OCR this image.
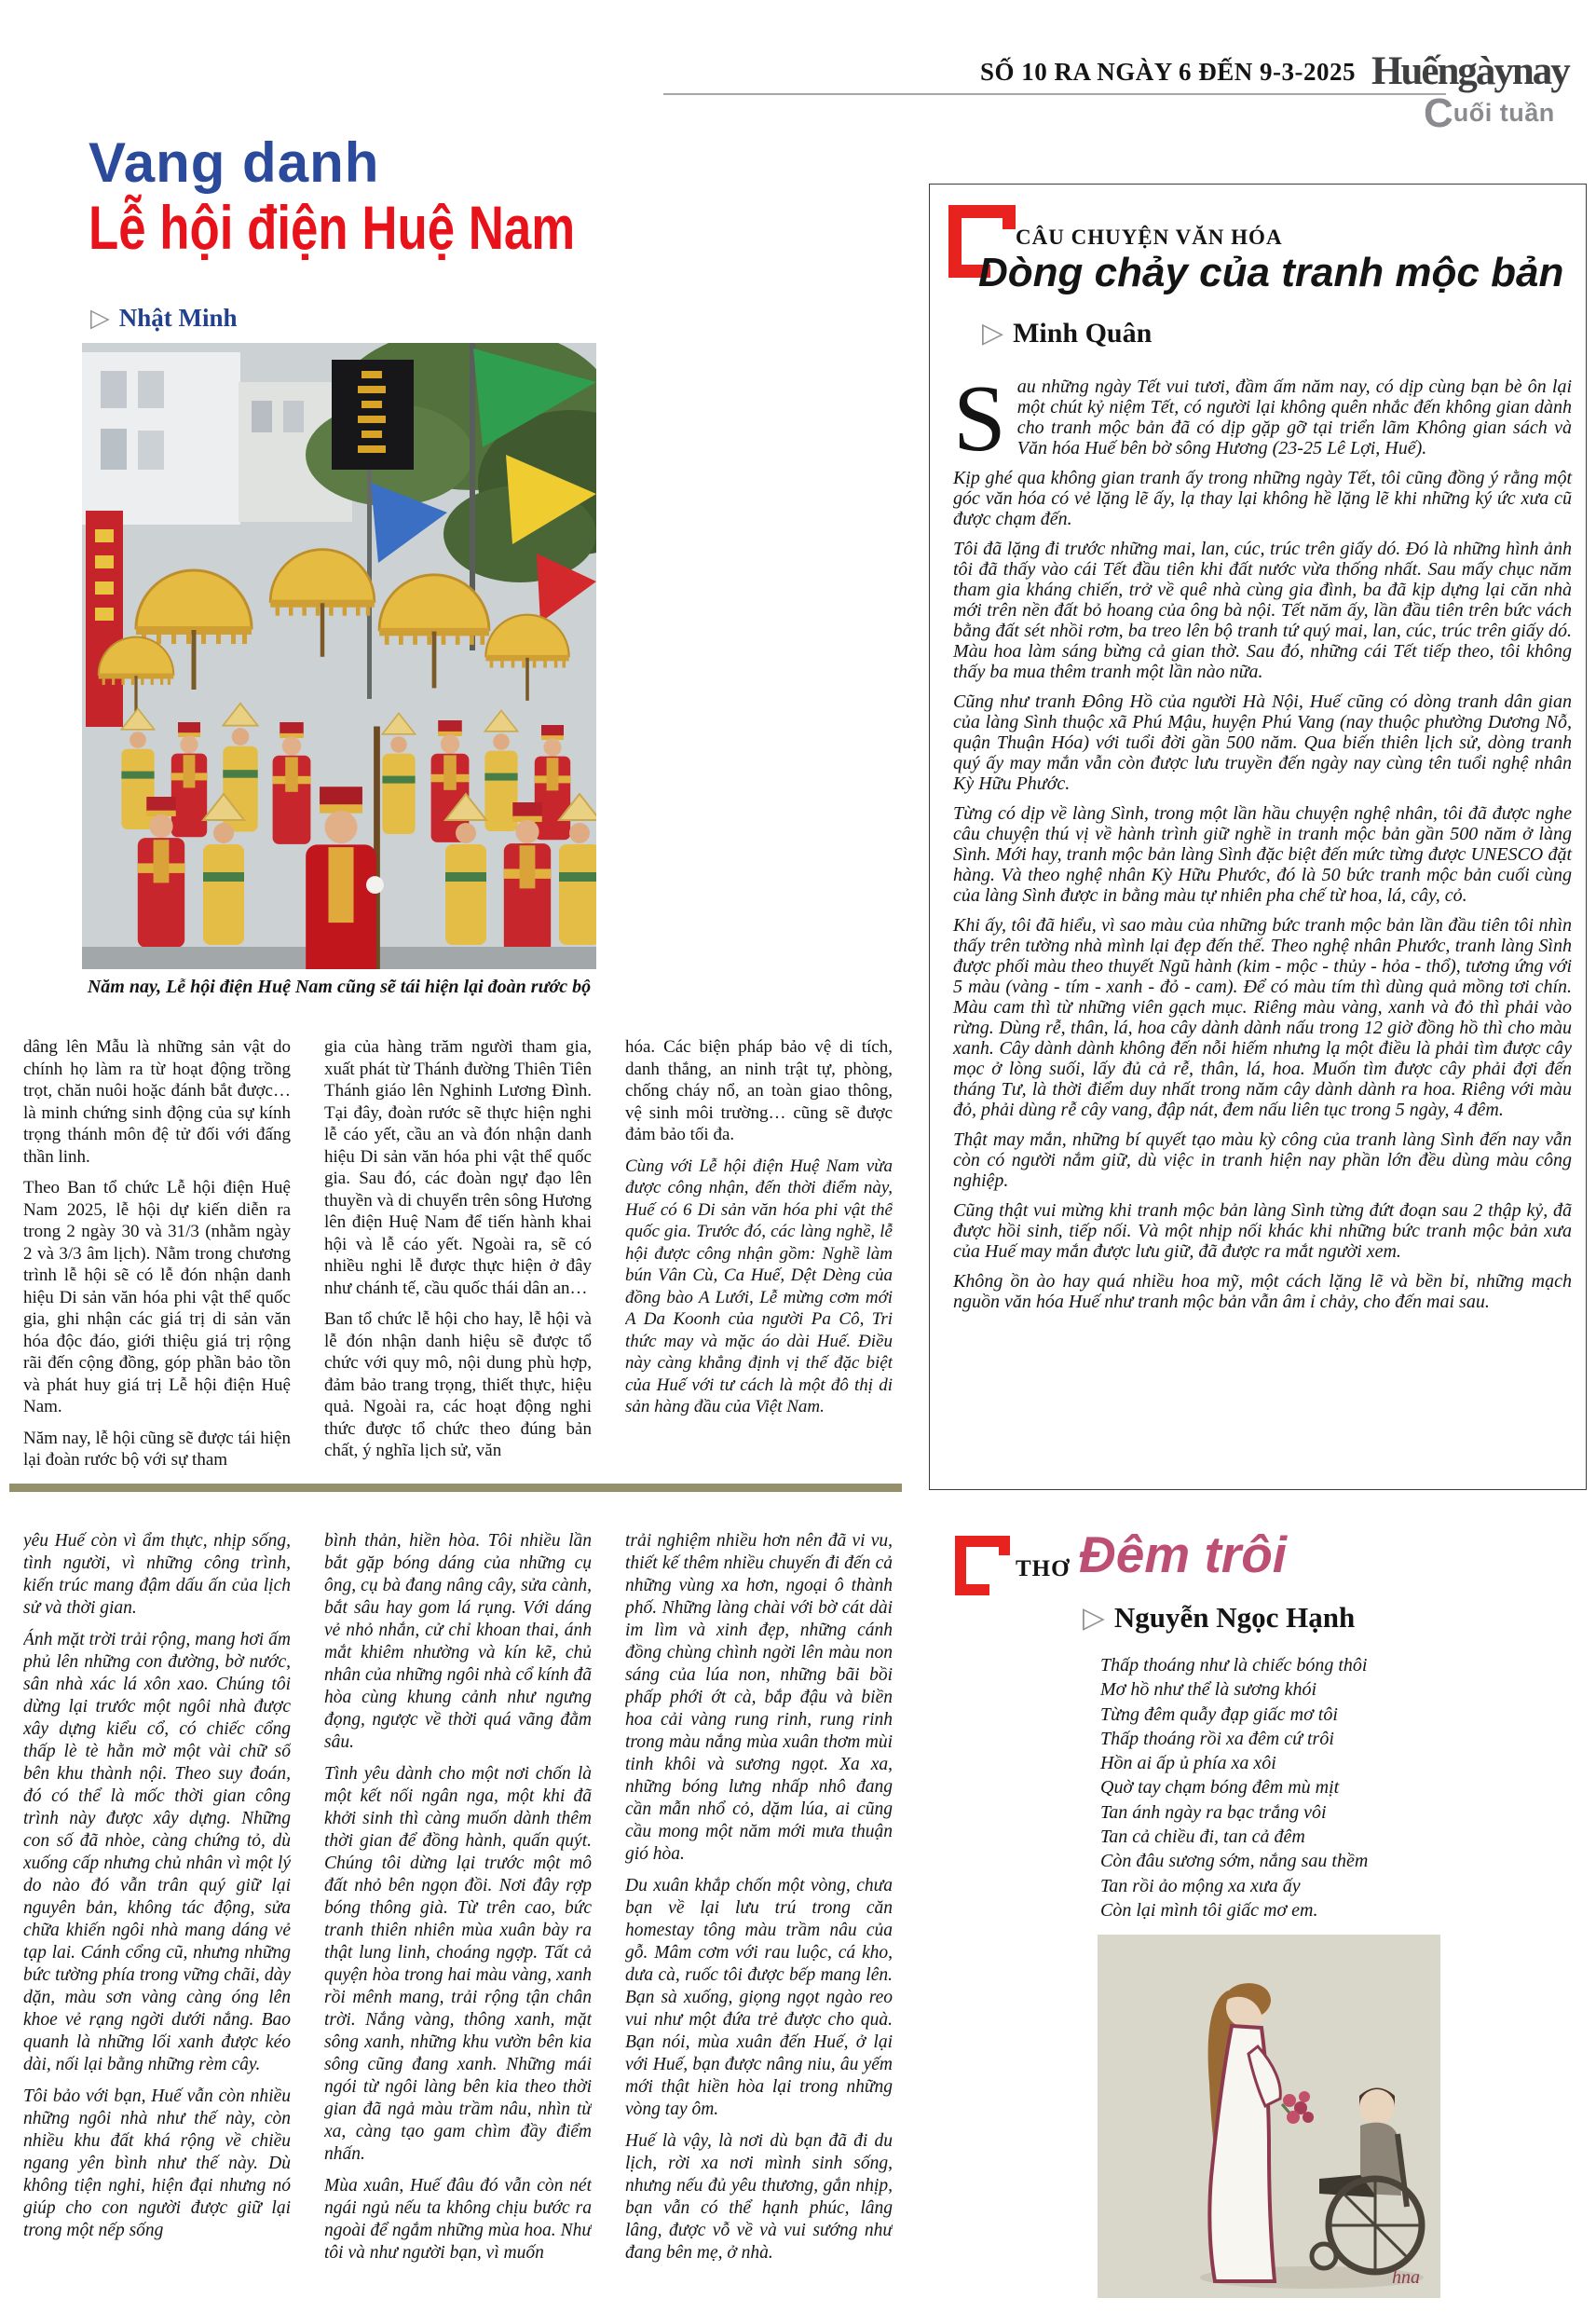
SỐ 10 RA NGÀY 6 ĐẾN 9-3-2025 Huếngàynay
Cuối tuần
Vang danh
Lễ hội điện Huệ Nam
▷ Nhật Minh
Năm nay, Lễ hội điện Huệ Nam cũng sẽ tái hiện lại đoàn rước bộ

dâng lên Mẫu là những sản vật do chính họ làm ra từ hoạt động trồng trọt, chăn nuôi hoặc đánh bắt được… là minh chứng sinh động của sự kính trọng thánh môn đệ tử đối với đấng thần linh.

Theo Ban tổ chức Lễ hội điện Huệ Nam 2025, lễ hội dự kiến diễn ra trong 2 ngày 30 và 31/3 (nhằm ngày 2 và 3/3 âm lịch). Nằm trong chương trình lễ hội sẽ có lễ đón nhận danh hiệu Di sản văn hóa phi vật thể quốc gia, ghi nhận các giá trị di sản văn hóa độc đáo, giới thiệu giá trị rộng rãi đến cộng đồng, góp phần bảo tồn và phát huy giá trị Lễ hội điện Huệ Nam.

Năm nay, lễ hội cũng sẽ được tái hiện lại đoàn rước bộ với sự tham

gia của hàng trăm người tham gia, xuất phát từ Thánh đường Thiên Tiên Thánh giáo lên Nghinh Lương Đình. Tại đây, đoàn rước sẽ thực hiện nghi lễ cáo yết, cầu an và đón nhận danh hiệu Di sản văn hóa phi vật thể quốc gia. Sau đó, các đoàn ngự đạo lên thuyền và di chuyển trên sông Hương lên điện Huệ Nam để tiến hành khai hội và lễ cáo yết. Ngoài ra, sẽ có nhiều nghi lễ được thực hiện ở đây như chánh tế, cầu quốc thái dân an…

Ban tổ chức lễ hội cho hay, lễ hội và lễ đón nhận danh hiệu sẽ được tổ chức với quy mô, nội dung phù hợp, đảm bảo trang trọng, thiết thực, hiệu quả. Ngoài ra, các hoạt động nghi thức được tổ chức theo đúng bản chất, ý nghĩa lịch sử, văn

hóa. Các biện pháp bảo vệ di tích, danh thắng, an ninh trật tự, phòng, chống cháy nổ, an toàn giao thông, vệ sinh môi trường… cũng sẽ được đảm bảo tối đa.

Cùng với Lễ hội điện Huệ Nam vừa được công nhận, đến thời điểm này, Huế có 6 Di sản văn hóa phi vật thể quốc gia. Trước đó, các làng nghề, lễ hội được công nhận gồm: Nghề làm bún Vân Cù, Ca Huế, Dệt Dèng của đồng bào A Lưới, Lễ mừng cơm mới A Da Koonh của người Pa Cô, Tri thức may và mặc áo dài Huế. Điều này càng khẳng định vị thế đặc biệt của Huế với tư cách là một đô thị di sản hàng đầu của Việt Nam.

CÂU CHUYỆN VĂN HÓA
Dòng chảy của tranh mộc bản
▷ Minh Quân

Sau những ngày Tết vui tươi, đầm ấm năm nay, có dịp cùng bạn bè ôn lại một chút kỷ niệm Tết, có người lại không quên nhắc đến không gian dành cho tranh mộc bản đã có dịp gặp gỡ tại triển lãm Không gian sách và Văn hóa Huế bên bờ sông Hương (23-25 Lê Lợi, Huế).

Kịp ghé qua không gian tranh ấy trong những ngày Tết, tôi cũng đồng ý rằng một góc văn hóa có vẻ lặng lẽ ấy, lạ thay lại không hề lặng lẽ khi những ký ức xưa cũ được chạm đến.

Tôi đã lặng đi trước những mai, lan, cúc, trúc trên giấy dó. Đó là những hình ảnh tôi đã thấy vào cái Tết đầu tiên khi đất nước vừa thống nhất. Sau mấy chục năm tham gia kháng chiến, trở về quê nhà cùng gia đình, ba đã kịp dựng lại căn nhà mới trên nền đất bỏ hoang của ông bà nội. Tết năm ấy, lần đầu tiên trên bức vách bằng đất sét nhồi rơm, ba treo lên bộ tranh tứ quý mai, lan, cúc, trúc trên giấy dó. Màu hoa làm sáng bừng cả gian thờ. Sau đó, những cái Tết tiếp theo, tôi không thấy ba mua thêm tranh một lần nào nữa.

Cũng như tranh Đông Hồ của người Hà Nội, Huế cũng có dòng tranh dân gian của làng Sình thuộc xã Phú Mậu, huyện Phú Vang (nay thuộc phường Dương Nỗ, quận Thuận Hóa) với tuổi đời gần 500 năm. Qua biến thiên lịch sử, dòng tranh quý ấy may mắn vẫn còn được lưu truyền đến ngày nay cùng tên tuổi nghệ nhân Kỳ Hữu Phước.

Từng có dịp về làng Sình, trong một lần hầu chuyện nghệ nhân, tôi đã được nghe câu chuyện thú vị về hành trình giữ nghề in tranh mộc bản gần 500 năm ở làng Sình. Mới hay, tranh mộc bản làng Sình đặc biệt đến mức từng được UNESCO đặt hàng. Và theo nghệ nhân Kỳ Hữu Phước, đó là 50 bức tranh mộc bản cuối cùng của làng Sình được in bằng màu tự nhiên pha chế từ hoa, lá, cây, cỏ.

Khi ấy, tôi đã hiểu, vì sao màu của những bức tranh mộc bản lần đầu tiên tôi nhìn thấy trên tường nhà mình lại đẹp đến thế. Theo nghệ nhân Phước, tranh làng Sình được phối màu theo thuyết Ngũ hành (kim - mộc - thủy - hỏa - thổ), tương ứng với 5 màu (vàng - tím - xanh - đỏ - cam). Để có màu tím thì dùng quả mồng tơi chín. Màu cam thì từ những viên gạch mục. Riêng màu vàng, xanh và đỏ thì phải vào rừng. Dùng rễ, thân, lá, hoa cây dành dành nấu trong 12 giờ đồng hồ thì cho màu xanh. Cây dành dành không đến nỗi hiếm nhưng lạ một điều là phải tìm được cây mọc ở lòng suối, lấy đủ cả rễ, thân, lá, hoa. Muốn tìm được cây phải đợi đến tháng Tư, là thời điểm duy nhất trong năm cây dành dành ra hoa. Riêng với màu đỏ, phải dùng rễ cây vang, đập nát, đem nấu liên tục trong 5 ngày, 4 đêm.

Thật may mắn, những bí quyết tạo màu kỳ công của tranh làng Sình đến nay vẫn còn có người nắm giữ, dù việc in tranh hiện nay phần lớn đều dùng màu công nghiệp.

Cũng thật vui mừng khi tranh mộc bản làng Sình từng đứt đoạn sau 2 thập kỷ, đã được hồi sinh, tiếp nối. Và một nhịp nối khác khi những bức tranh mộc bản xưa của Huế may mắn được lưu giữ, đã được ra mắt người xem.

Không ồn ào hay quá nhiều hoa mỹ, một cách lặng lẽ và bền bỉ, những mạch nguồn văn hóa Huế như tranh mộc bản vẫn âm ỉ chảy, cho đến mai sau.

yêu Huế còn vì ẩm thực, nhịp sống, tình người, vì những công trình, kiến trúc mang đậm dấu ấn của lịch sử và thời gian.

Ánh mặt trời trải rộng, mang hơi ấm phủ lên những con đường, bờ nước, sân nhà xác lá xôn xao. Chúng tôi dừng lại trước một ngôi nhà được xây dựng kiểu cổ, có chiếc cổng thấp lè tè hằn mờ một vài chữ số bên khu thành nội. Theo suy đoán, đó có thể là mốc thời gian công trình này được xây dựng. Những con số đã nhòe, càng chứng tỏ, dù xuống cấp nhưng chủ nhân vì một lý do nào đó vẫn trân quý giữ lại nguyên bản, không tác động, sửa chữa khiến ngôi nhà mang dáng vẻ tạp lai. Cánh cổng cũ, nhưng những bức tường phía trong vững chãi, dày dặn, màu sơn vàng càng óng lên khoe vẻ rạng ngời dưới nắng. Bao quanh là những lối xanh được kéo dài, nối lại bằng những rèm cây.

Tôi bảo với bạn, Huế vẫn còn nhiều những ngôi nhà như thế này, còn nhiều khu đất khá rộng về chiều ngang yên bình như thế này. Dù không tiện nghi, hiện đại nhưng nó giúp cho con người được giữ lại trong một nếp sống

bình thản, hiền hòa. Tôi nhiều lần bắt gặp bóng dáng của những cụ ông, cụ bà đang nâng cây, sửa cành, bắt sâu hay gom lá rụng. Với dáng vẻ nhỏ nhắn, cử chỉ khoan thai, ánh mắt khiêm nhường và kín kẽ, chủ nhân của những ngôi nhà cổ kính đã hòa cùng khung cảnh như ngưng đọng, ngược về thời quá vãng đằm sâu.

Tình yêu dành cho một nơi chốn là một kết nối ngân nga, một khi đã khởi sinh thì càng muốn dành thêm thời gian để đồng hành, quấn quýt. Chúng tôi dừng lại trước một mô đất nhỏ bên ngọn đồi. Nơi đây rợp bóng thông già. Từ trên cao, bức tranh thiên nhiên mùa xuân bày ra thật lung linh, choáng ngợp. Tất cả quyện hòa trong hai màu vàng, xanh rồi mênh mang, trải rộng tận chân trời. Nắng vàng, thông xanh, mặt sông xanh, những khu vườn bên kia sông cũng đang xanh. Những mái ngói từ ngôi làng bên kia theo thời gian đã ngả màu trầm nâu, nhìn từ xa, càng tạo gam chìm đầy điểm nhấn.

Mùa xuân, Huế đâu đó vẫn còn nét ngái ngủ nếu ta không chịu bước ra ngoài để ngắm những mùa hoa. Như tôi và như người bạn, vì muốn

trải nghiệm nhiều hơn nên đã vi vu, thiết kế thêm nhiều chuyến đi đến cả những vùng xa hơn, ngoại ô thành phố. Những làng chài với bờ cát dài im lìm và xinh đẹp, những cánh đồng chùng chình ngời lên màu non sáng của lúa non, những bãi bồi phấp phới ớt cà, bắp đậu và biền hoa cải vàng rung rinh, rung rinh trong màu nắng mùa xuân thơm mùi tinh khôi và sương ngọt. Xa xa, những bóng lưng nhấp nhô đang cần mẫn nhổ cỏ, dặm lúa, ai cũng cầu mong một năm mới mưa thuận gió hòa.

Du xuân khắp chốn một vòng, chưa bạn về lại lưu trú trong căn homestay tông màu trầm nâu của gỗ. Mâm cơm với rau luộc, cá kho, dưa cà, ruốc tôi được bếp mang lên. Bạn sà xuống, giọng ngọt ngào reo vui như một đứa trẻ được cho quà. Bạn nói, mùa xuân đến Huế, ở lại với Huế, bạn được nâng niu, âu yếm mới thật hiền hòa lại trong những vòng tay ôm.

Huế là vậy, là nơi dù bạn đã đi du lịch, rời xa nơi mình sinh sống, nhưng nếu đủ yêu thương, gắn nhịp, bạn vẫn có thể hạnh phúc, lâng lâng, được vỗ về và vui sướng như đang bên mẹ, ở nhà.

THƠ Đêm trôi
▷ Nguyễn Ngọc Hạnh

Thấp thoáng như là chiếc bóng thôi

Mơ hồ như thể là sương khói

Từng đêm quẫy đạp giấc mơ tôi

Thấp thoáng rồi xa đêm cứ trôi

Hồn ai ấp ủ phía xa xôi

Quờ tay chạm bóng đêm mù mịt

Tan ánh ngày ra bạc trắng vôi

Tan cả chiều đi, tan cả đêm

Còn đâu sương sớm, nắng sau thềm

Tan rồi ảo mộng xa xưa ấy

Còn lại mình tôi giấc mơ em.

hna
